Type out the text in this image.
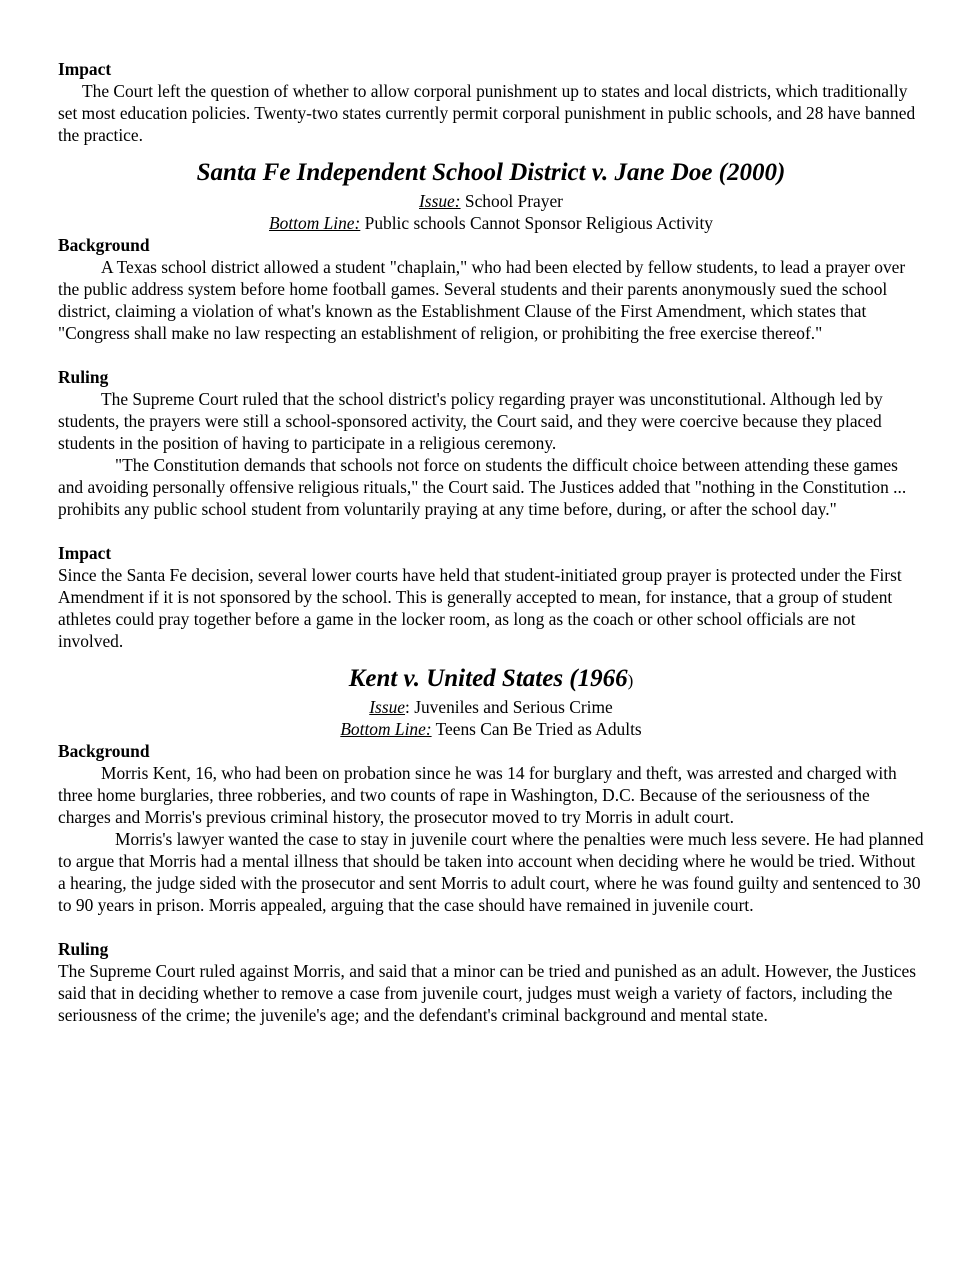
Impact

The Court left the question of whether to allow corporal punishment up to states and local districts, which traditionally set most education policies. Twenty-two states currently permit corporal punishment in public schools, and 28 have banned the practice.

Santa Fe Independent School District v. Jane Doe (2000)

Issue: School Prayer

Bottom Line: Public schools Cannot Sponsor Religious Activity

Background

A Texas school district allowed a student "chaplain," who had been elected by fellow students, to lead a prayer over the public address system before home football games. Several students and their parents anonymously sued the school district, claiming a violation of what's known as the Establishment Clause of the First Amendment, which states that "Congress shall make no law respecting an establishment of religion, or prohibiting the free exercise thereof."

Ruling

The Supreme Court ruled that the school district's policy regarding prayer was unconstitutional. Although led by students, the prayers were still a school-sponsored activity, the Court said, and they were coercive because they placed students in the position of having to participate in a religious ceremony.

"The Constitution demands that schools not force on students the difficult choice between attending these games and avoiding personally offensive religious rituals," the Court said. The Justices added that "nothing in the Constitution ... prohibits any public school student from voluntarily praying at any time before, during, or after the school day."

Impact

Since the Santa Fe decision, several lower courts have held that student-initiated group prayer is protected under the First Amendment if it is not sponsored by the school. This is generally accepted to mean, for instance, that a group of student athletes could pray together before a game in the locker room, as long as the coach or other school officials are not involved.

Kent v. United States (1966)

Issue: Juveniles and Serious Crime

Bottom Line: Teens Can Be Tried as Adults

Background

Morris Kent, 16, who had been on probation since he was 14 for burglary and theft, was arrested and charged with three home burglaries, three robberies, and two counts of rape in Washington, D.C. Because of the seriousness of the charges and Morris's previous criminal history, the prosecutor moved to try Morris in adult court.

Morris's lawyer wanted the case to stay in juvenile court where the penalties were much less severe. He had planned to argue that Morris had a mental illness that should be taken into account when deciding where he would be tried. Without a hearing, the judge sided with the prosecutor and sent Morris to adult court, where he was found guilty and sentenced to 30 to 90 years in prison. Morris appealed, arguing that the case should have remained in juvenile court.

Ruling

The Supreme Court ruled against Morris, and said that a minor can be tried and punished as an adult. However, the Justices said that in deciding whether to remove a case from juvenile court, judges must weigh a variety of factors, including the seriousness of the crime; the juvenile's age; and the defendant's criminal background and mental state.
